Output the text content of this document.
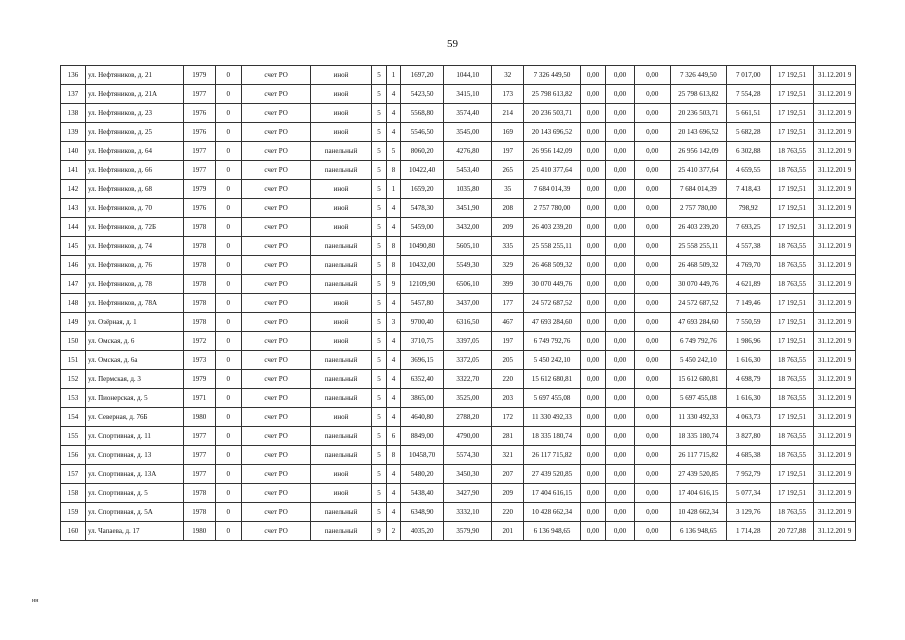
59
136	ул. Нефтяников, д. 21	1979	0	счет РО	иной	5	1	1697,20	1044,10	32	7 326 449,50	0,00	0,00	0,00	7 326 449,50	7 017,00	17 192,51	31.12.201 9
137	ул. Нефтяников, д. 21А	1977	0	счет РО	иной	5	4	5423,50	3415,10	173	25 798 613,82	0,00	0,00	0,00	25 798 613,82	7 554,28	17 192,51	31.12.201 9
138	ул. Нефтяников, д. 23	1976	0	счет РО	иной	5	4	5568,80	3574,40	214	20 236 503,71	0,00	0,00	0,00	20 236 503,71	5 661,51	17 192,51	31.12.201 9
139	ул. Нефтяников, д. 25	1976	0	счет РО	иной	5	4	5546,50	3545,00	169	20 143 696,52	0,00	0,00	0,00	20 143 696,52	5 682,28	17 192,51	31.12.201 9
140	ул. Нефтяников, д. 64	1977	0	счет РО	панельный	5	5	8060,20	4276,80	197	26 956 142,09	0,00	0,00	0,00	26 956 142,09	6 302,88	18 763,55	31.12.201 9
141	ул. Нефтяников, д. 66	1977	0	счет РО	панельный	5	8	10422,40	5453,40	265	25 410 377,64	0,00	0,00	0,00	25 410 377,64	4 659,55	18 763,55	31.12.201 9
142	ул. Нефтяников, д. 68	1979	0	счет РО	иной	5	1	1659,20	1035,80	35	7 684 014,39	0,00	0,00	0,00	7 684 014,39	7 418,43	17 192,51	31.12.201 9
143	ул. Нефтяников, д. 70	1976	0	счет РО	иной	5	4	5478,30	3451,90	208	2 757 780,00	0,00	0,00	0,00	2 757 780,00	798,92	17 192,51	31.12.201 9
144	ул. Нефтяников, д. 72Б	1978	0	счет РО	иной	5	4	5459,00	3432,00	209	26 403 239,20	0,00	0,00	0,00	26 403 239,20	7 693,25	17 192,51	31.12.201 9
145	ул. Нефтяников, д. 74	1978	0	счет РО	панельный	5	8	10490,80	5605,10	335	25 558 255,11	0,00	0,00	0,00	25 558 255,11	4 557,38	18 763,55	31.12.201 9
146	ул. Нефтяников, д. 76	1978	0	счет РО	панельный	5	8	10432,00	5549,30	329	26 468 509,32	0,00	0,00	0,00	26 468 509,32	4 769,70	18 763,55	31.12.201 9
147	ул. Нефтяников, д. 78	1978	0	счет РО	панельный	5	9	12109,90	6506,10	399	30 070 449,76	0,00	0,00	0,00	30 070 449,76	4 621,89	18 763,55	31.12.201 9
148	ул. Нефтяников, д. 78А	1978	0	счет РО	иной	5	4	5457,80	3437,00	177	24 572 687,52	0,00	0,00	0,00	24 572 687,52	7 149,46	17 192,51	31.12.201 9
149	ул. Озёрная, д. 1	1978	0	счет РО	иной	5	3	9700,40	6316,50	467	47 693 284,60	0,00	0,00	0,00	47 693 284,60	7 550,59	17 192,51	31.12.201 9
150	ул. Омская, д. 6	1972	0	счет РО	иной	5	4	3710,75	3397,05	197	6 749 792,76	0,00	0,00	0,00	6 749 792,76	1 986,96	17 192,51	31.12.201 9
151	ул. Омская, д. 6а	1973	0	счет РО	панельный	5	4	3696,15	3372,05	205	5 450 242,10	0,00	0,00	0,00	5 450 242,10	1 616,30	18 763,55	31.12.201 9
152	ул. Пермская, д. 3	1979	0	счет РО	панельный	5	4	6352,40	3322,70	220	15 612 680,81	0,00	0,00	0,00	15 612 680,81	4 698,79	18 763,55	31.12.201 9
153	ул. Пионерская, д. 5	1971	0	счет РО	панельный	5	4	3865,00	3525,00	203	5 697 455,08	0,00	0,00	0,00	5 697 455,08	1 616,30	18 763,55	31.12.201 9
154	ул. Северная, д. 76Б	1980	0	счет РО	иной	5	4	4640,80	2788,20	172	11 330 492,33	0,00	0,00	0,00	11 330 492,33	4 063,73	17 192,51	31.12.201 9
155	ул. Спортивная, д. 11	1977	0	счет РО	панельный	5	6	8849,00	4790,00	281	18 335 180,74	0,00	0,00	0,00	18 335 180,74	3 827,80	18 763,55	31.12.201 9
156	ул. Спортивная, д. 13	1977	0	счет РО	панельный	5	8	10458,70	5574,30	321	26 117 715,82	0,00	0,00	0,00	26 117 715,82	4 685,38	18 763,55	31.12.201 9
157	ул. Спортивная, д. 13А	1977	0	счет РО	иной	5	4	5480,20	3450,30	207	27 439 520,85	0,00	0,00	0,00	27 439 520,85	7 952,79	17 192,51	31.12.201 9
158	ул. Спортивная, д. 5	1978	0	счет РО	иной	5	4	5438,40	3427,90	209	17 404 616,15	0,00	0,00	0,00	17 404 616,15	5 077,34	17 192,51	31.12.201 9
159	ул. Спортивная, д. 5А	1978	0	счет РО	панельный	5	4	6348,90	3332,10	220	10 428 662,34	0,00	0,00	0,00	10 428 662,34	3 129,76	18 763,55	31.12.201 9
160	ул. Чапаева, д. 17	1980	0	счет РО	панельный	9	2	4035,20	3579,90	201	6 136 948,65	0,00	0,00	0,00	6 136 948,65	1 714,28	20 727,88	31.12.201 9
нн
